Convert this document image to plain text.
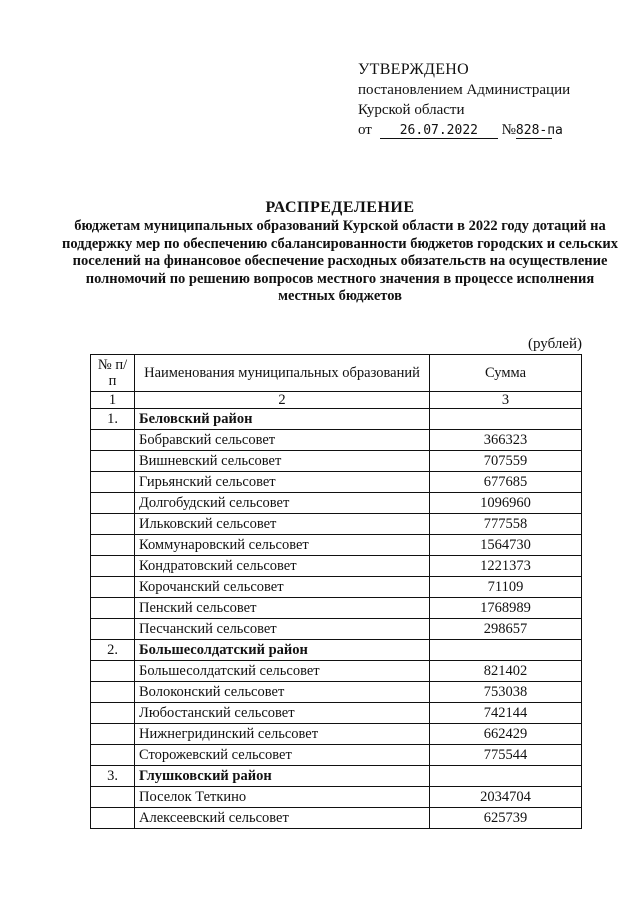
УТВЕРЖДЕНО
постановлением Администрации
Курской области
от 26.07.2022 №828-па
РАСПРЕДЕЛЕНИЕ
бюджетам муниципальных образований Курской области в 2022 году дотаций на поддержку мер по обеспечению сбалансированности бюджетов городских и сельских поселений на финансовое обеспечение расходных обязательств на осуществление полномочий по решению вопросов местного значения в процессе исполнения местных бюджетов
(рублей)
№ п/п	Наименования муниципальных образований	Сумма
1	2	3
1.	Беловский район	
	Бобравский сельсовет	366323
	Вишневский сельсовет	707559
	Гирьянский сельсовет	677685
	Долгобудский сельсовет	1096960
	Ильковский сельсовет	777558
	Коммунаровский сельсовет	1564730
	Кондратовский сельсовет	1221373
	Корочанский сельсовет	71109
	Пенский сельсовет	1768989
	Песчанский сельсовет	298657
2.	Большесолдатский район	
	Большесолдатский сельсовет	821402
	Волоконский сельсовет	753038
	Любостанский сельсовет	742144
	Нижнегридинский сельсовет	662429
	Сторожевский сельсовет	775544
3.	Глушковский район	
	Поселок Теткино	2034704
	Алексеевский сельсовет	625739
